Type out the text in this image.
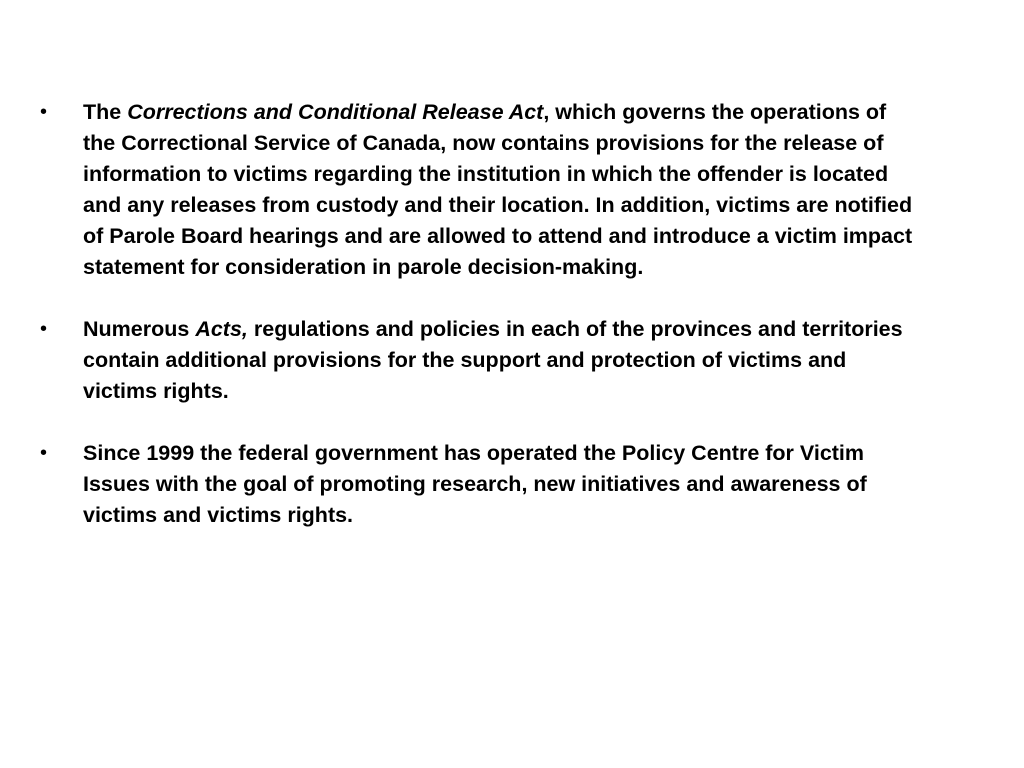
•	The Corrections and Conditional Release Act, which governs the operations of the Correctional Service of Canada, now contains provisions for the release of information to victims regarding the institution in which the offender is located and any releases from custody and their location. In addition, victims are notified of Parole Board hearings and are allowed to attend and introduce a victim impact statement for consideration in parole decision-making.
•	Numerous Acts, regulations and policies in each of the provinces and territories contain additional provisions for the support and protection of victims and victims rights.
•	Since 1999 the federal government has operated the Policy Centre for Victim Issues with the goal of promoting research, new initiatives and awareness of victims and victims rights.
